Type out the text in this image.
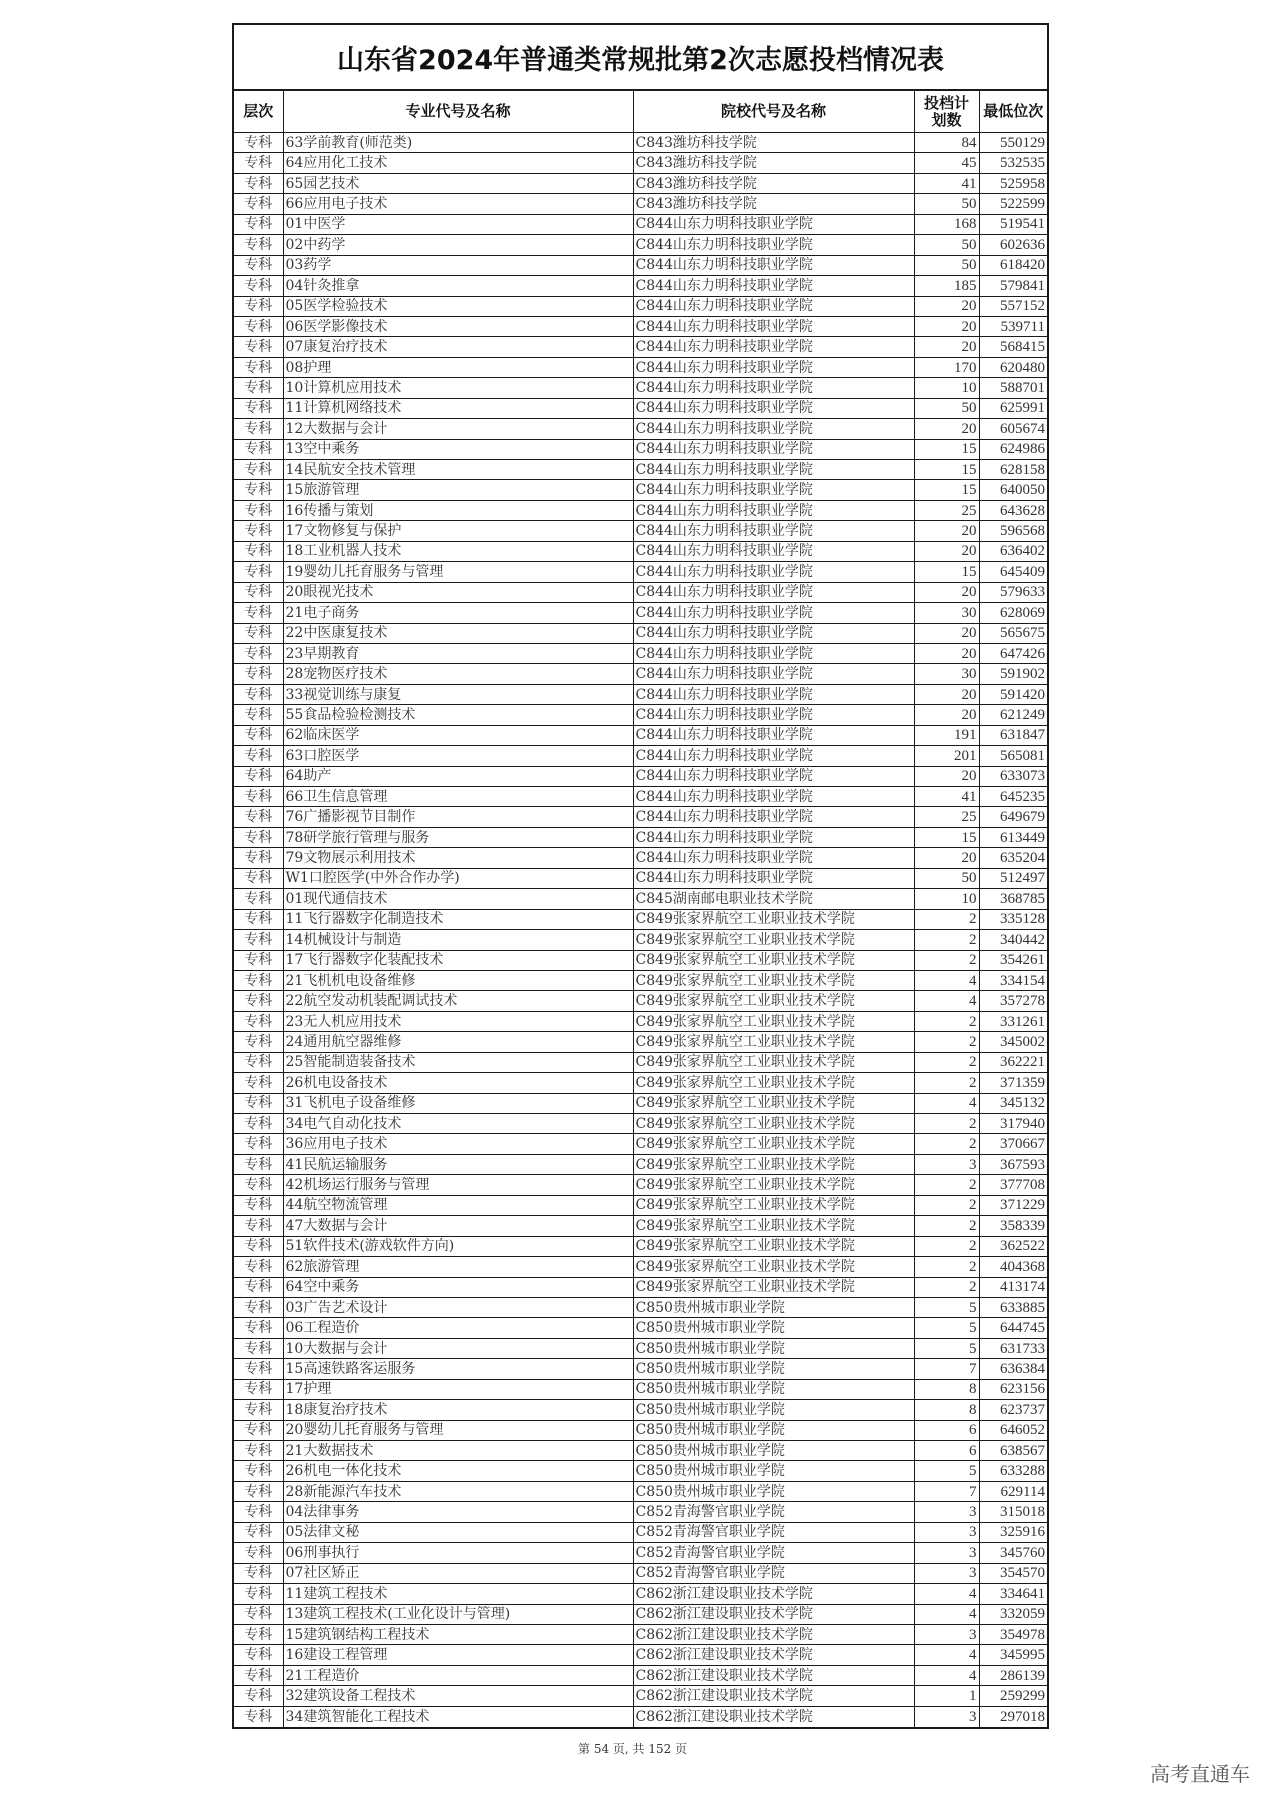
山东省2024年普通类常规批第2次志愿投档情况表
层次	专业代号及名称	院校代号及名称	投档计划数	最低位次
专科	63学前教育(师范类)	C843潍坊科技学院	84	550129
专科	64应用化工技术	C843潍坊科技学院	45	532535
专科	65园艺技术	C843潍坊科技学院	41	525958
专科	66应用电子技术	C843潍坊科技学院	50	522599
专科	01中医学	C844山东力明科技职业学院	168	519541
专科	02中药学	C844山东力明科技职业学院	50	602636
专科	03药学	C844山东力明科技职业学院	50	618420
专科	04针灸推拿	C844山东力明科技职业学院	185	579841
专科	05医学检验技术	C844山东力明科技职业学院	20	557152
专科	06医学影像技术	C844山东力明科技职业学院	20	539711
专科	07康复治疗技术	C844山东力明科技职业学院	20	568415
专科	08护理	C844山东力明科技职业学院	170	620480
专科	10计算机应用技术	C844山东力明科技职业学院	10	588701
专科	11计算机网络技术	C844山东力明科技职业学院	50	625991
专科	12大数据与会计	C844山东力明科技职业学院	20	605674
专科	13空中乘务	C844山东力明科技职业学院	15	624986
专科	14民航安全技术管理	C844山东力明科技职业学院	15	628158
专科	15旅游管理	C844山东力明科技职业学院	15	640050
专科	16传播与策划	C844山东力明科技职业学院	25	643628
专科	17文物修复与保护	C844山东力明科技职业学院	20	596568
专科	18工业机器人技术	C844山东力明科技职业学院	20	636402
专科	19婴幼儿托育服务与管理	C844山东力明科技职业学院	15	645409
专科	20眼视光技术	C844山东力明科技职业学院	20	579633
专科	21电子商务	C844山东力明科技职业学院	30	628069
专科	22中医康复技术	C844山东力明科技职业学院	20	565675
专科	23早期教育	C844山东力明科技职业学院	20	647426
专科	28宠物医疗技术	C844山东力明科技职业学院	30	591902
专科	33视觉训练与康复	C844山东力明科技职业学院	20	591420
专科	55食品检验检测技术	C844山东力明科技职业学院	20	621249
专科	62临床医学	C844山东力明科技职业学院	191	631847
专科	63口腔医学	C844山东力明科技职业学院	201	565081
专科	64助产	C844山东力明科技职业学院	20	633073
专科	66卫生信息管理	C844山东力明科技职业学院	41	645235
专科	76广播影视节目制作	C844山东力明科技职业学院	25	649679
专科	78研学旅行管理与服务	C844山东力明科技职业学院	15	613449
专科	79文物展示利用技术	C844山东力明科技职业学院	20	635204
专科	W1口腔医学(中外合作办学)	C844山东力明科技职业学院	50	512497
专科	01现代通信技术	C845湖南邮电职业技术学院	10	368785
专科	11飞行器数字化制造技术	C849张家界航空工业职业技术学院	2	335128
专科	14机械设计与制造	C849张家界航空工业职业技术学院	2	340442
专科	17飞行器数字化装配技术	C849张家界航空工业职业技术学院	2	354261
专科	21飞机机电设备维修	C849张家界航空工业职业技术学院	4	334154
专科	22航空发动机装配调试技术	C849张家界航空工业职业技术学院	4	357278
专科	23无人机应用技术	C849张家界航空工业职业技术学院	2	331261
专科	24通用航空器维修	C849张家界航空工业职业技术学院	2	345002
专科	25智能制造装备技术	C849张家界航空工业职业技术学院	2	362221
专科	26机电设备技术	C849张家界航空工业职业技术学院	2	371359
专科	31飞机电子设备维修	C849张家界航空工业职业技术学院	4	345132
专科	34电气自动化技术	C849张家界航空工业职业技术学院	2	317940
专科	36应用电子技术	C849张家界航空工业职业技术学院	2	370667
专科	41民航运输服务	C849张家界航空工业职业技术学院	3	367593
专科	42机场运行服务与管理	C849张家界航空工业职业技术学院	2	377708
专科	44航空物流管理	C849张家界航空工业职业技术学院	2	371229
专科	47大数据与会计	C849张家界航空工业职业技术学院	2	358339
专科	51软件技术(游戏软件方向)	C849张家界航空工业职业技术学院	2	362522
专科	62旅游管理	C849张家界航空工业职业技术学院	2	404368
专科	64空中乘务	C849张家界航空工业职业技术学院	2	413174
专科	03广告艺术设计	C850贵州城市职业学院	5	633885
专科	06工程造价	C850贵州城市职业学院	5	644745
专科	10大数据与会计	C850贵州城市职业学院	5	631733
专科	15高速铁路客运服务	C850贵州城市职业学院	7	636384
专科	17护理	C850贵州城市职业学院	8	623156
专科	18康复治疗技术	C850贵州城市职业学院	8	623737
专科	20婴幼儿托育服务与管理	C850贵州城市职业学院	6	646052
专科	21大数据技术	C850贵州城市职业学院	6	638567
专科	26机电一体化技术	C850贵州城市职业学院	5	633288
专科	28新能源汽车技术	C850贵州城市职业学院	7	629114
专科	04法律事务	C852青海警官职业学院	3	315018
专科	05法律文秘	C852青海警官职业学院	3	325916
专科	06刑事执行	C852青海警官职业学院	3	345760
专科	07社区矫正	C852青海警官职业学院	3	354570
专科	11建筑工程技术	C862浙江建设职业技术学院	4	334641
专科	13建筑工程技术(工业化设计与管理)	C862浙江建设职业技术学院	4	332059
专科	15建筑钢结构工程技术	C862浙江建设职业技术学院	3	354978
专科	16建设工程管理	C862浙江建设职业技术学院	4	345995
专科	21工程造价	C862浙江建设职业技术学院	4	286139
专科	32建筑设备工程技术	C862浙江建设职业技术学院	1	259299
专科	34建筑智能化工程技术	C862浙江建设职业技术学院	3	297018
第 54 页, 共 152 页
高考直通车
